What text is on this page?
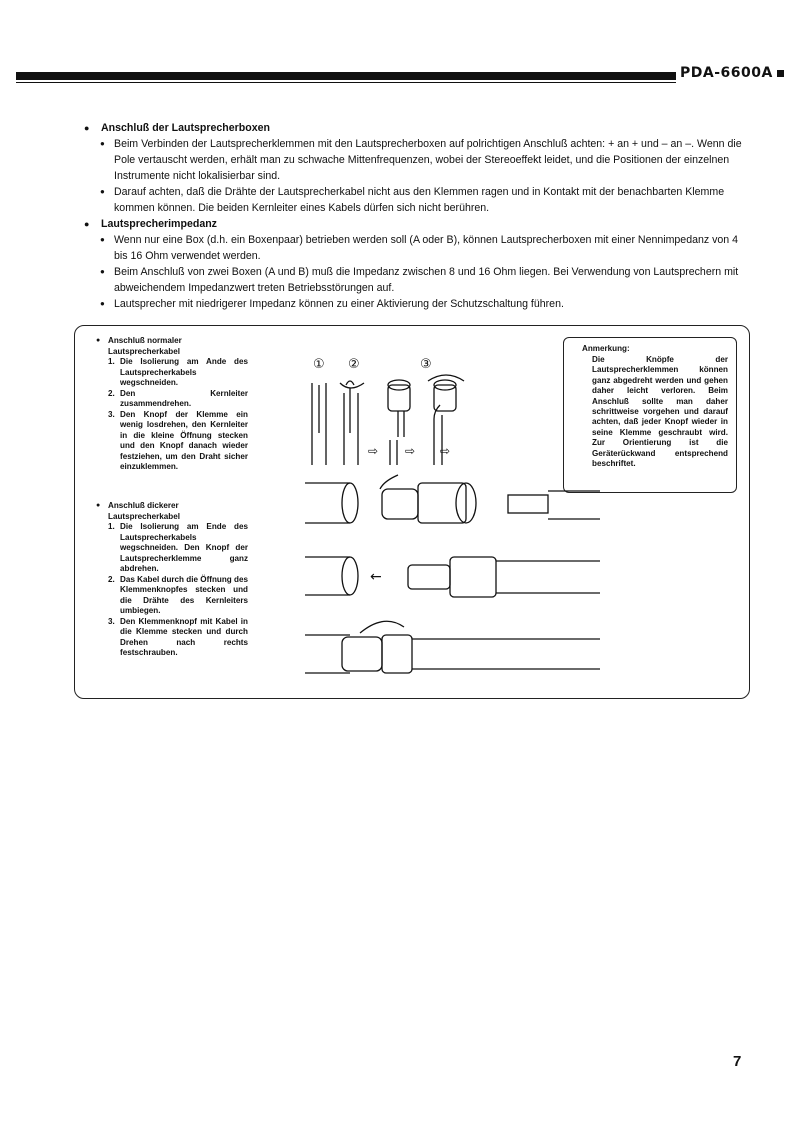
PDA-6600A
● Anschluß der Lautsprecherboxen
● Beim Verbinden der Lautsprecherklemmen mit den Lautsprecherboxen auf polrichtigen Anschluß achten: + an + und – an –. Wenn die Pole vertauscht werden, erhält man zu schwache Mittenfrequenzen, wobei der Stereoeffekt leidet, und die Positionen der einzelnen Instrumente nicht lokalisierbar sind.
● Darauf achten, daß die Drähte der Lautsprecherkabel nicht aus den Klemmen ragen und in Kontakt mit der benachbarten Klemme kommen können. Die beiden Kernleiter eines Kabels dürfen sich nicht berühren.
● Lautsprecherimpedanz
● Wenn nur eine Box (d.h. ein Boxenpaar) betrieben werden soll (A oder B), können Lautsprecherboxen mit einer Nennimpedanz von 4 bis 16 Ohm verwendet werden.
● Beim Anschluß von zwei Boxen (A und B) muß die Impedanz zwischen 8 und 16 Ohm liegen. Bei Verwendung von Lautsprechern mit abweichendem Impedanzwert treten Betriebsstörungen auf.
● Lautsprecher mit niedrigerer Impedanz können zu einer Aktivierung der Schutzschaltung führen.
● Anschluß normaler Lautsprecherkabel
1. Die Isolierung am Ande des Lautsprecherkabels wegschneiden.
2. Den Kernleiter zusammendrehen.
3. Den Knopf der Klemme ein wenig losdrehen, den Kernleiter in die kleine Öffnung stecken und den Knopf danach wieder festziehen, um den Draht sicher einzuklemmen.
● Anschluß dickerer Lautsprecherkabel
1. Die Isolierung am Ende des Lautsprecherkabels wegschneiden. Den Knopf der Lautsprecherklemme ganz abdrehen.
2. Das Kabel durch die Öffnung des Klemmenknopfes stecken und die Drähte des Kernleiters umbiegen.
3. Den Klemmenknopf mit Kabel in die Klemme stecken und durch Drehen nach rechts festschrauben.
Anmerkung:
Die Knöpfe der Lautsprecherklemmen können ganz abgedreht werden und gehen daher leicht verloren. Beim Anschluß sollte man daher schrittweise vorgehen und darauf achten, daß jeder Knopf wieder in seine Klemme geschraubt wird. Zur Orientierung ist die Geräterückwand entsprechend beschriftet.
① ②	③
⇨ ⇨ ⇨
←
7
